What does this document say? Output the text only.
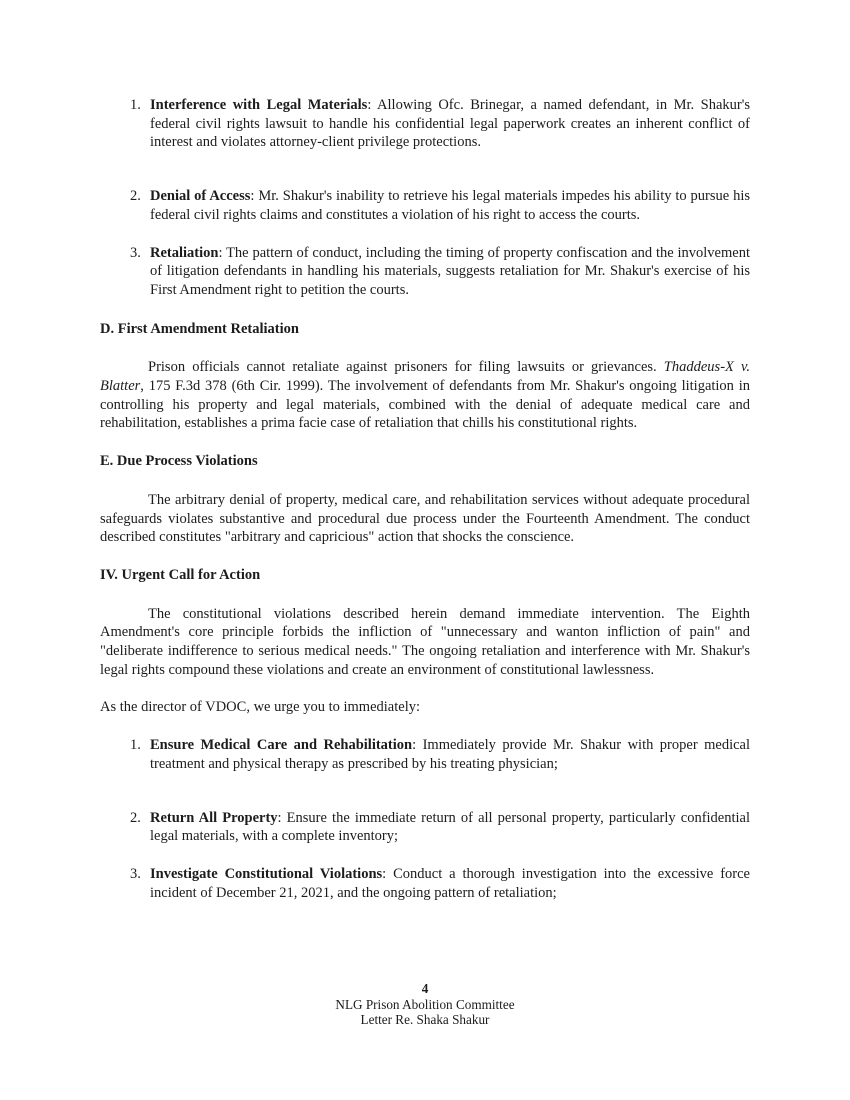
1. Interference with Legal Materials: Allowing Ofc. Brinegar, a named defendant, in Mr. Shakur's federal civil rights lawsuit to handle his confidential legal paperwork creates an inherent conflict of interest and violates attorney-client privilege protections.
2. Denial of Access: Mr. Shakur's inability to retrieve his legal materials impedes his ability to pursue his federal civil rights claims and constitutes a violation of his right to access the courts.
3. Retaliation: The pattern of conduct, including the timing of property confiscation and the involvement of litigation defendants in handling his materials, suggests retaliation for Mr. Shakur's exercise of his First Amendment right to petition the courts.
D. First Amendment Retaliation

Prison officials cannot retaliate against prisoners for filing lawsuits or grievances. Thaddeus-X v. Blatter, 175 F.3d 378 (6th Cir. 1999). The involvement of defendants from Mr. Shakur's ongoing litigation in controlling his property and legal materials, combined with the denial of adequate medical care and rehabilitation, establishes a prima facie case of retaliation that chills his constitutional rights.

E. Due Process Violations

The arbitrary denial of property, medical care, and rehabilitation services without adequate procedural safeguards violates substantive and procedural due process under the Fourteenth Amendment. The conduct described constitutes "arbitrary and capricious" action that shocks the conscience.

IV. Urgent Call for Action

The constitutional violations described herein demand immediate intervention. The Eighth Amendment's core principle forbids the infliction of "unnecessary and wanton infliction of pain" and "deliberate indifference to serious medical needs." The ongoing retaliation and interference with Mr. Shakur's legal rights compound these violations and create an environment of constitutional lawlessness.

As the director of VDOC, we urge you to immediately:

1. Ensure Medical Care and Rehabilitation: Immediately provide Mr. Shakur with proper medical treatment and physical therapy as prescribed by his treating physician;
2. Return All Property: Ensure the immediate return of all personal property, particularly confidential legal materials, with a complete inventory;
3. Investigate Constitutional Violations: Conduct a thorough investigation into the excessive force incident of December 21, 2021, and the ongoing pattern of retaliation;
4
NLG Prison Abolition Committee
Letter Re. Shaka Shakur
